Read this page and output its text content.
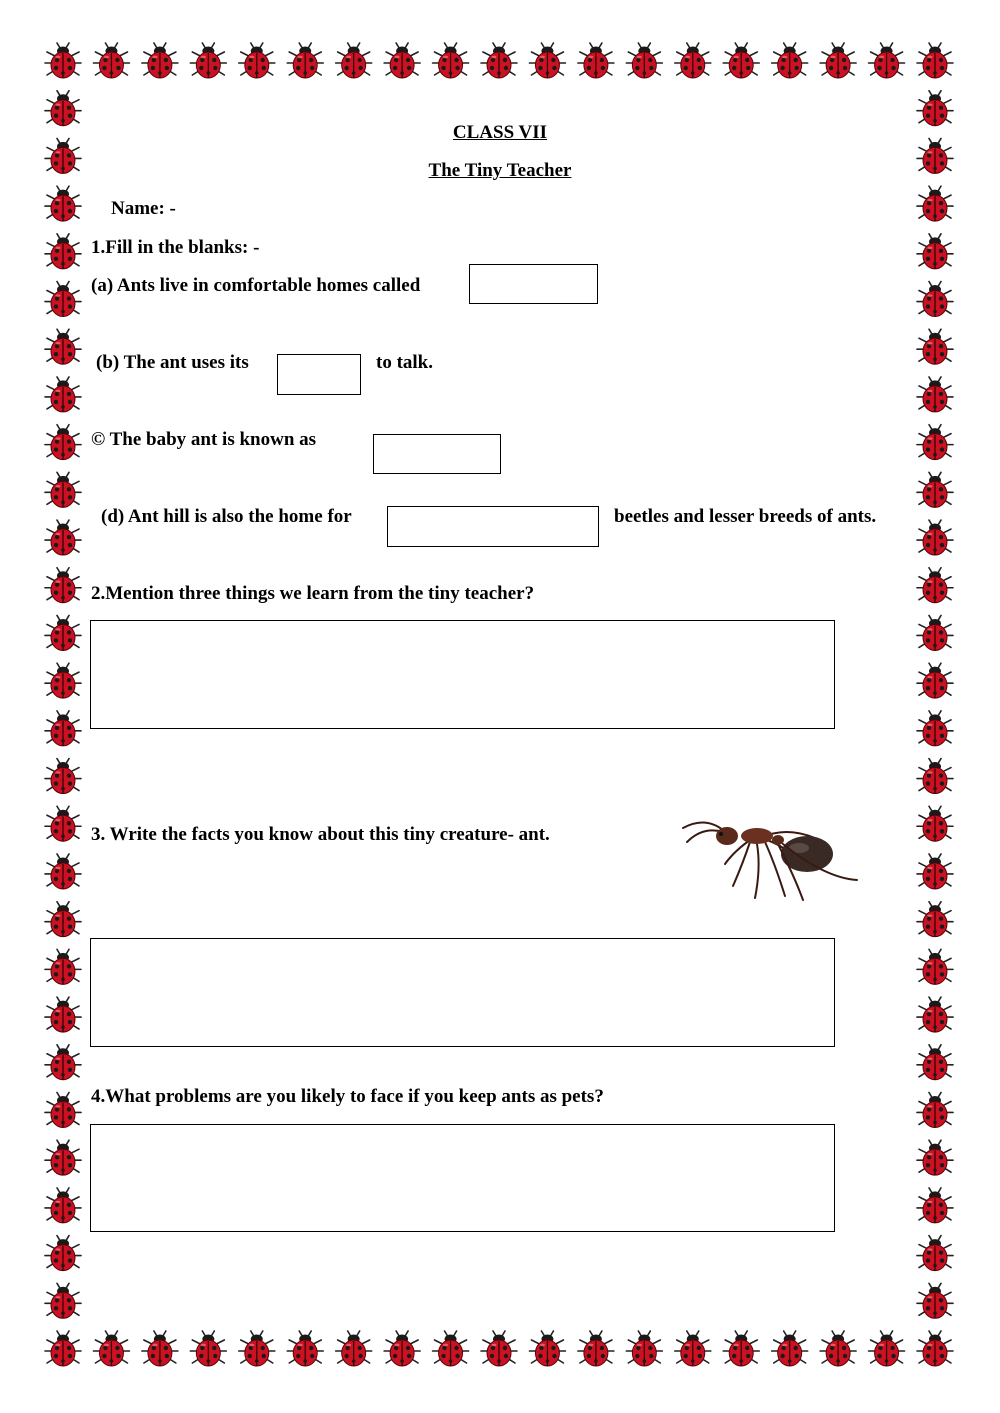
CLASS VII
The Tiny Teacher
Name: -
1.Fill in the blanks: -
(a) Ants live in comfortable homes called
(b) The ant uses its	to talk.
© The baby ant is known as
(d) Ant hill is also the home for	beetles and lesser breeds of ants.
2.Mention three things we learn from the tiny teacher?
3. Write the facts you know about this tiny creature- ant.
4.What problems are you likely to face if you keep ants as pets?
